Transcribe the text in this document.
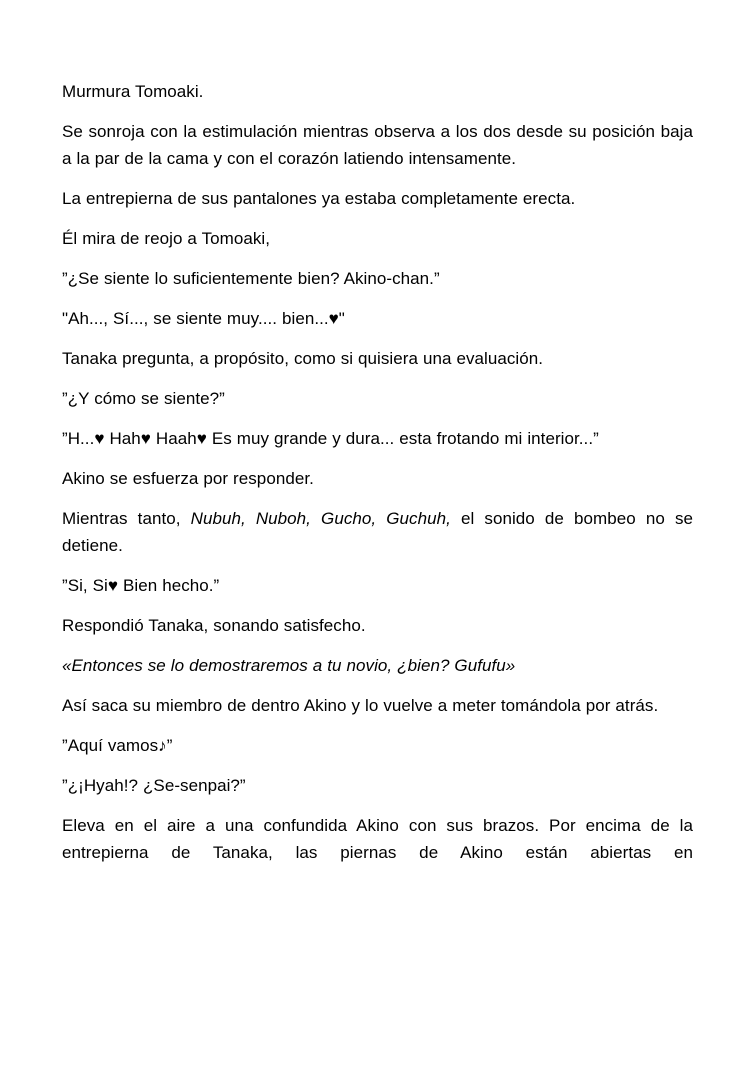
Murmura Tomoaki.

Se sonroja con la estimulación mientras observa a los dos desde su posición baja a la par de la cama y con el corazón latiendo intensamente.

La entrepierna de sus pantalones ya estaba completamente erecta.

Él mira de reojo a Tomoaki,

”¿Se siente lo suficientemente bien? Akino-chan.”

"Ah..., Sí..., se siente muy.... bien...♥"

Tanaka pregunta, a propósito, como si quisiera una evaluación.

”¿Y cómo se siente?”

”H...♥ Hah♥ Haah♥ Es muy grande y dura... esta frotando mi interior...”

Akino se esfuerza por responder.

Mientras tanto, Nubuh, Nuboh, Gucho, Guchuh, el sonido de bombeo no se detiene.

”Si, Si♥ Bien hecho.”

Respondió Tanaka, sonando satisfecho.

«Entonces se lo demostraremos a tu novio, ¿bien? Gufufu»

Así saca su miembro de dentro Akino y lo vuelve a meter tomándola por atrás.

”Aquí vamos♪”

”¿¡Hyah!? ¿Se-senpai?”

Eleva en el aire a una confundida Akino con sus brazos. Por encima de la entrepierna de Tanaka, las piernas de Akino están abiertas en
